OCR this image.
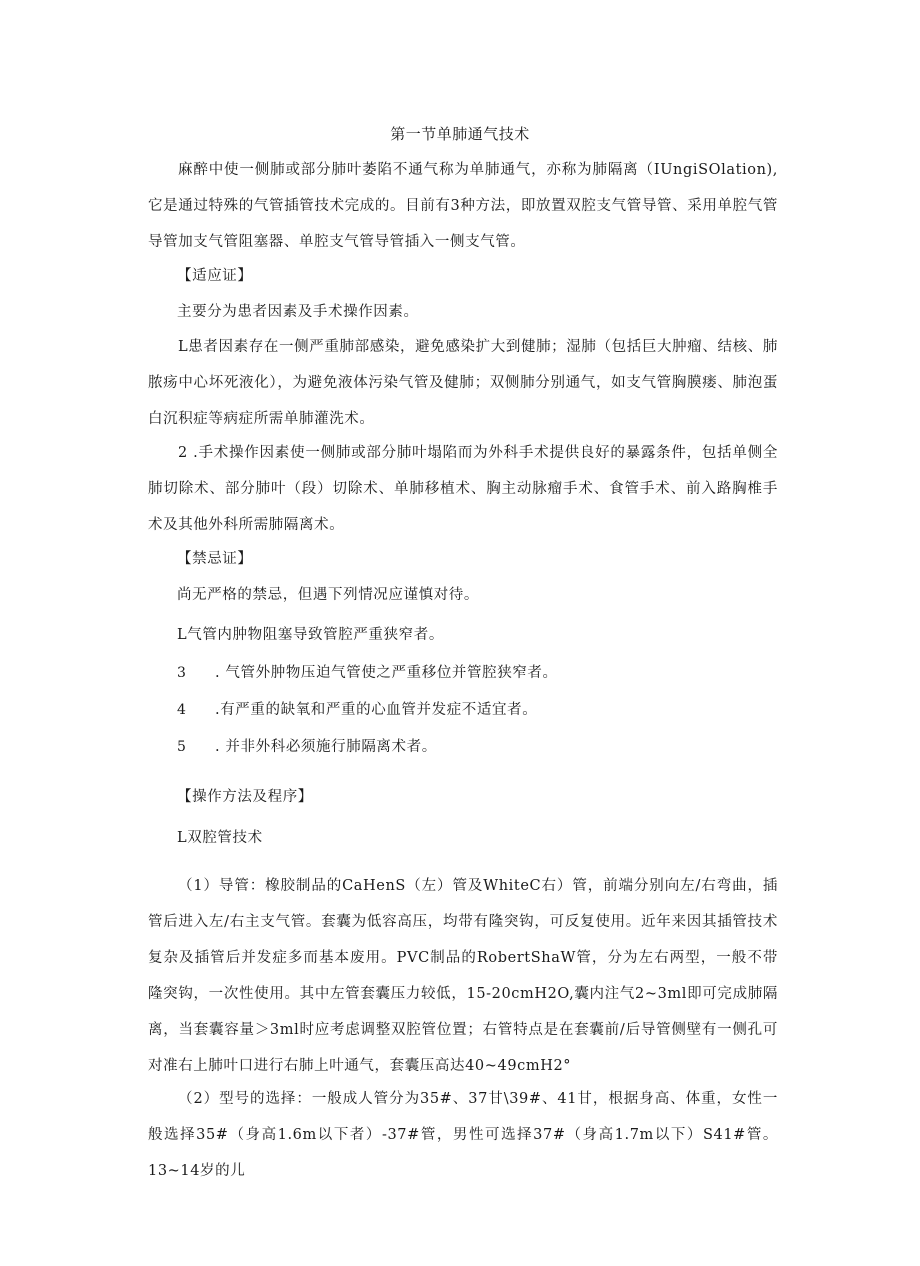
第一节单肺通气技术

麻醉中使一侧肺或部分肺叶萎陷不通气称为单肺通气，亦称为肺隔离（IUngiSOlation),它是通过特殊的气管插管技术完成的。目前有3种方法，即放置双腔支气管导管、采用单腔气管导管加支气管阻塞器、单腔支气管导管插入一侧支气管。

【适应证】
主要分为患者因素及手术操作因素。

L患者因素存在一侧严重肺部感染，避免感染扩大到健肺；湿肺（包括巨大肿瘤、结核、肺脓疡中心坏死液化），为避免液体污染气管及健肺；双侧肺分别通气，如支气管胸膜瘘、肺泡蛋白沉积症等病症所需单肺灌洗术。

2 .手术操作因素使一侧肺或部分肺叶塌陷而为外科手术提供良好的暴露条件，包括单侧全肺切除术、部分肺叶（段）切除术、单肺移植术、胸主动脉瘤手术、食管手术、前入路胸椎手术及其他外科所需肺隔离术。

【禁忌证】
尚无严格的禁忌，但遇下列情况应谨慎对待。
L气管内肿物阻塞导致管腔严重狭窄者。
3 . 气管外肿物压迫气管使之严重移位并管腔狭窄者。
4 .有严重的缺氧和严重的心血管并发症不适宜者。
5 . 并非外科必须施行肺隔离术者。
【操作方法及程序】
L双腔管技术

（1）导管：橡胶制品的CaHenS（左）管及WhiteC右）管，前端分别向左/右弯曲，插管后进入左/右主支气管。套囊为低容高压，均带有隆突钩，可反复使用。近年来因其插管技术复杂及插管后并发症多而基本废用。PVC制品的RobertShaW管，分为左右两型，一般不带隆突钩，一次性使用。其中左管套囊压力较低，15-20cmH2O,囊内注气2~3ml即可完成肺隔离，当套囊容量＞3ml时应考虑调整双腔管位置；右管特点是在套囊前/后导管侧壁有一侧孔可对准右上肺叶口进行右肺上叶通气，套囊压高达40~49cmH2°

（2）型号的选择：一般成人管分为35#、37甘\39#、41甘，根据身高、体重，女性一般选择35#（身高1.6m以下者）-37#管，男性可选择37#（身高1.7m以下）S41#管。13~14岁的儿
